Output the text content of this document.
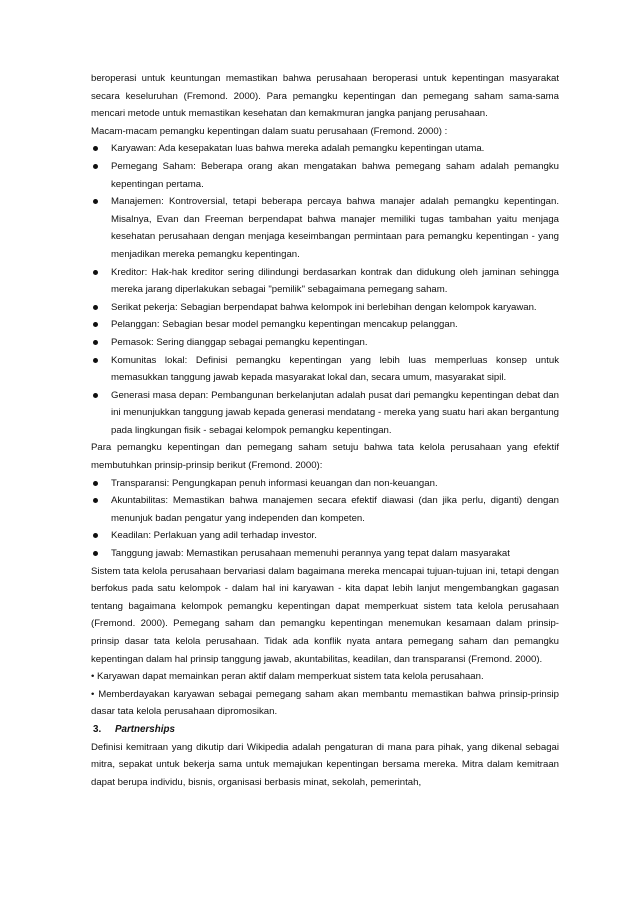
beroperasi untuk keuntungan memastikan bahwa perusahaan beroperasi untuk kepentingan masyarakat secara keseluruhan (Fremond. 2000). Para pemangku kepentingan dan pemegang saham sama-sama mencari metode untuk memastikan kesehatan dan kemakmuran jangka panjang perusahaan.

Macam-macam pemangku kepentingan dalam suatu perusahaan (Fremond. 2000) :

Karyawan: Ada kesepakatan luas bahwa mereka adalah pemangku kepentingan utama.
Pemegang Saham: Beberapa orang akan mengatakan bahwa pemegang saham adalah pemangku kepentingan pertama.
Manajemen: Kontroversial, tetapi beberapa percaya bahwa manajer adalah pemangku kepentingan. Misalnya, Evan dan Freeman berpendapat bahwa manajer memiliki tugas tambahan yaitu menjaga kesehatan perusahaan dengan menjaga keseimbangan permintaan para pemangku kepentingan - yang menjadikan mereka pemangku kepentingan.
Kreditor: Hak-hak kreditor sering dilindungi berdasarkan kontrak dan didukung oleh jaminan sehingga mereka jarang diperlakukan sebagai "pemilik" sebagaimana pemegang saham.
Serikat pekerja: Sebagian berpendapat bahwa kelompok ini berlebihan dengan kelompok karyawan.
Pelanggan: Sebagian besar model pemangku kepentingan mencakup pelanggan.
Pemasok: Sering dianggap sebagai pemangku kepentingan.
Komunitas lokal: Definisi pemangku kepentingan yang lebih luas memperluas konsep untuk memasukkan tanggung jawab kepada masyarakat lokal dan, secara umum, masyarakat sipil.
Generasi masa depan: Pembangunan berkelanjutan adalah pusat dari pemangku kepentingan debat dan ini menunjukkan tanggung jawab kepada generasi mendatang - mereka yang suatu hari akan bergantung pada lingkungan fisik - sebagai kelompok pemangku kepentingan.

Para pemangku kepentingan dan pemegang saham setuju bahwa tata kelola perusahaan yang efektif membutuhkan prinsip-prinsip berikut (Fremond. 2000):

Transparansi: Pengungkapan penuh informasi keuangan dan non-keuangan.
Akuntabilitas: Memastikan bahwa manajemen secara efektif diawasi (dan jika perlu, diganti) dengan menunjuk badan pengatur yang independen dan kompeten.
Keadilan: Perlakuan yang adil terhadap investor.
Tanggung jawab: Memastikan perusahaan memenuhi perannya yang tepat dalam masyarakat

Sistem tata kelola perusahaan bervariasi dalam bagaimana mereka mencapai tujuan-tujuan ini, tetapi dengan berfokus pada satu kelompok - dalam hal ini karyawan - kita dapat lebih lanjut mengembangkan gagasan tentang bagaimana kelompok pemangku kepentingan dapat memperkuat sistem tata kelola perusahaan (Fremond. 2000). Pemegang saham dan pemangku kepentingan menemukan kesamaan dalam prinsip-prinsip dasar tata kelola perusahaan. Tidak ada konflik nyata antara pemegang saham dan pemangku kepentingan dalam hal prinsip tanggung jawab, akuntabilitas, keadilan, dan transparansi (Fremond. 2000).

• Karyawan dapat memainkan peran aktif dalam memperkuat sistem tata kelola perusahaan.

• Memberdayakan karyawan sebagai pemegang saham akan membantu memastikan bahwa prinsip-prinsip dasar tata kelola perusahaan dipromosikan.

3. Partnerships

Definisi kemitraan yang dikutip dari Wikipedia adalah pengaturan di mana para pihak, yang dikenal sebagai mitra, sepakat untuk bekerja sama untuk memajukan kepentingan bersama mereka. Mitra dalam kemitraan dapat berupa individu, bisnis, organisasi berbasis minat, sekolah, pemerintah,
